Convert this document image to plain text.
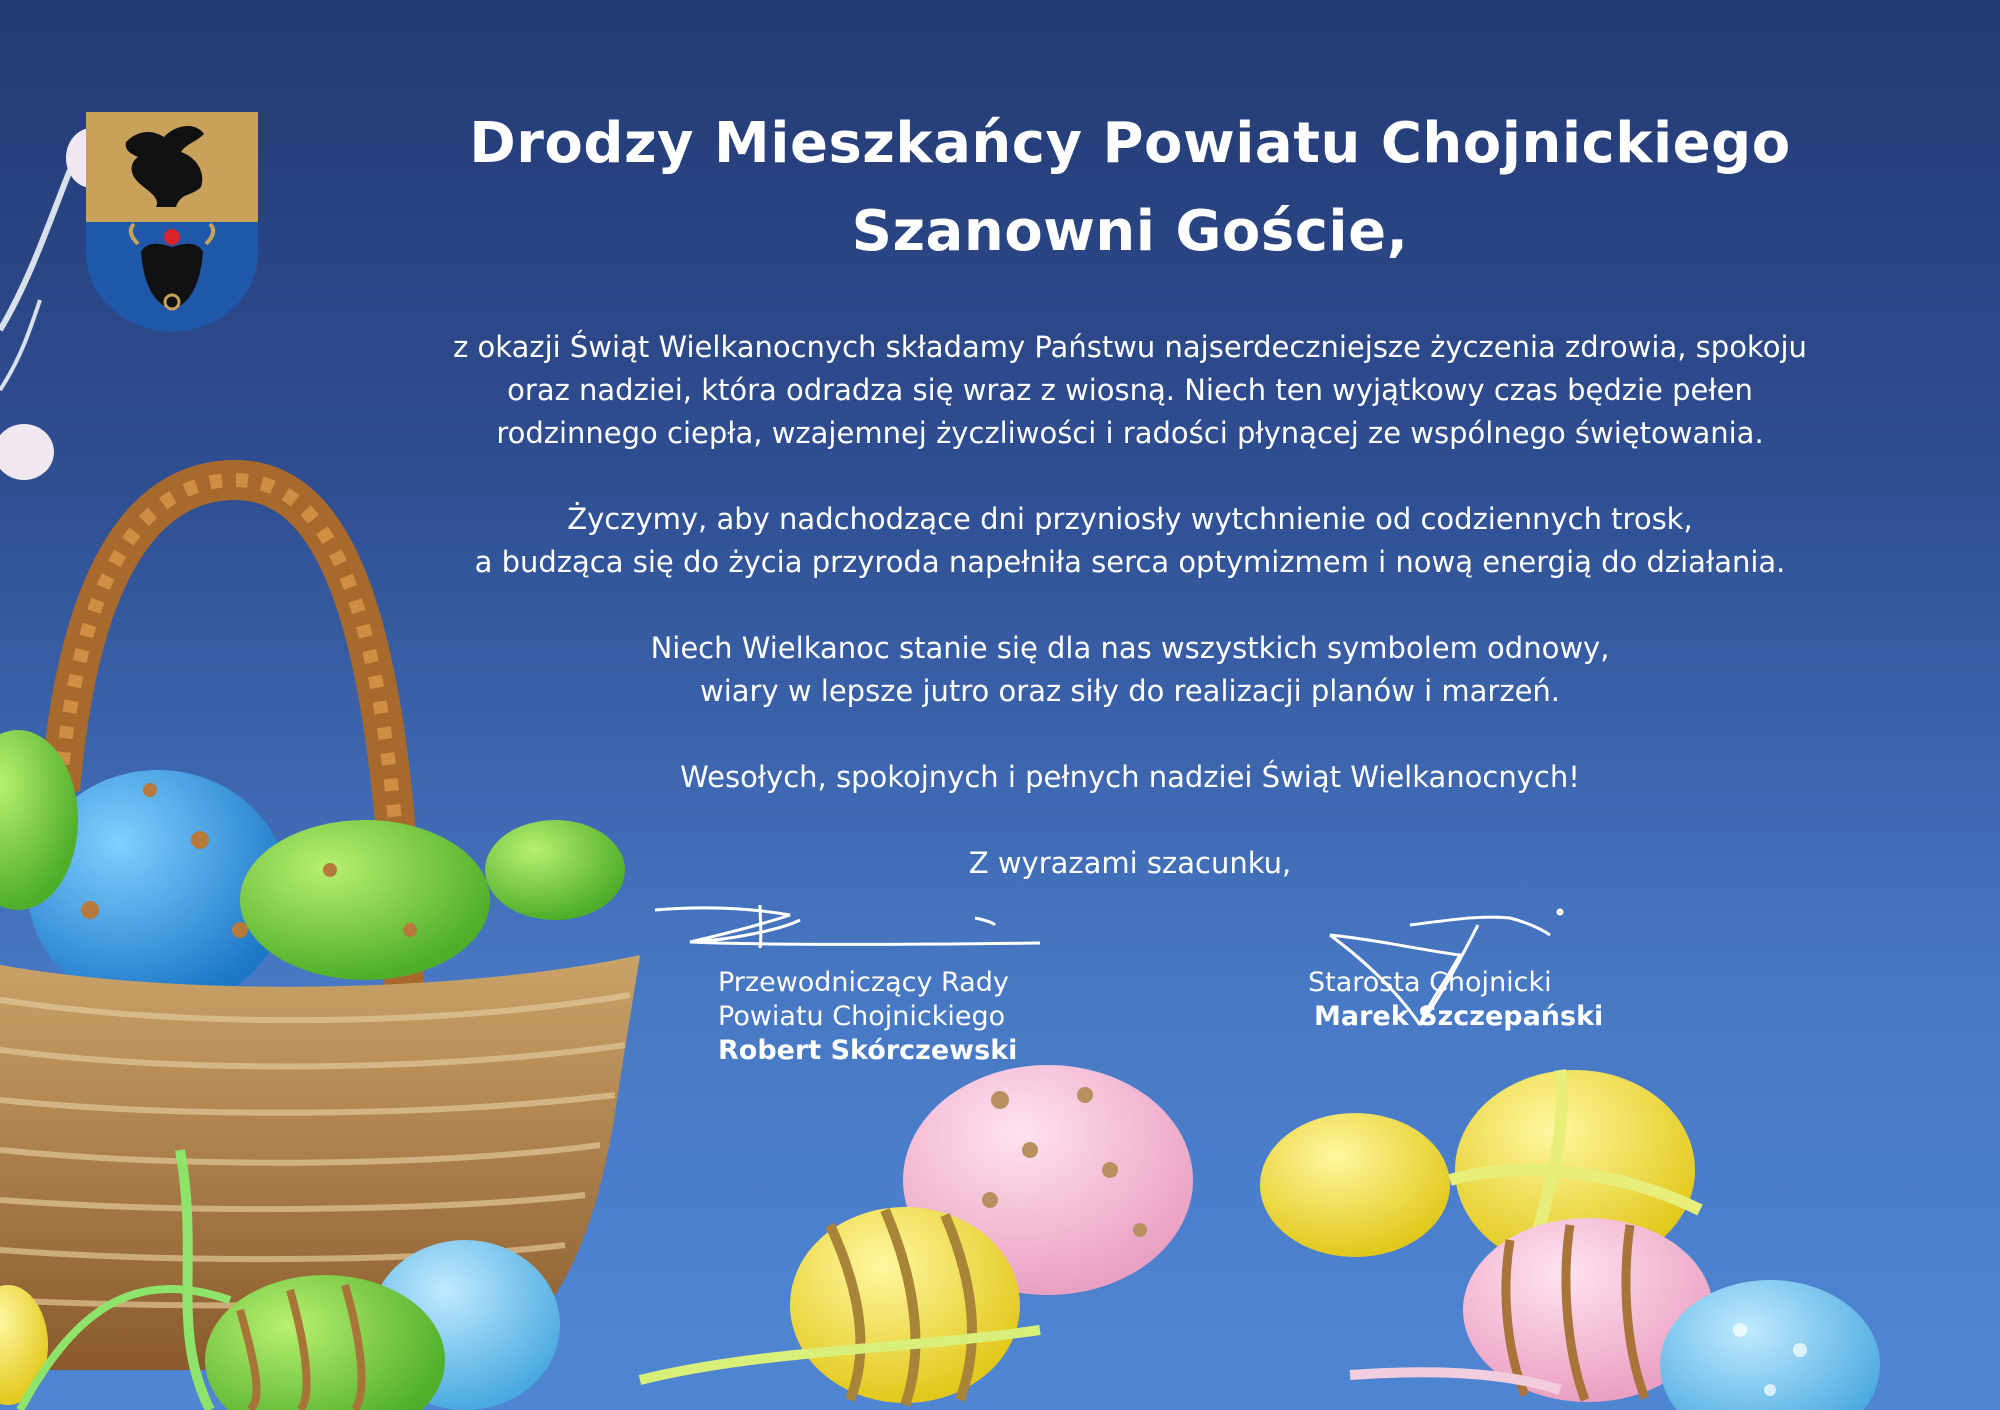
Drodzy Mieszkańcy Powiatu Chojnickiego

Szanowni Goście,

z okazji Świąt Wielkanocnych składamy Państwu najserdeczniejsze życzenia zdrowia, spokoju
oraz nadziei, która odradza się wraz z wiosną. Niech ten wyjątkowy czas będzie pełen
rodzinnego ciepła, wzajemnej życzliwości i radości płynącej ze wspólnego świętowania.
Życzymy, aby nadchodzące dni przyniosły wytchnienie od codziennych trosk,
a budząca się do życia przyroda napełniła serca optymizmem i nową energią do działania.
Niech Wielkanoc stanie się dla nas wszystkich symbolem odnowy,
wiary w lepsze jutro oraz siły do realizacji planów i marzeń.
Wesołych, spokojnych i pełnych nadziei Świąt Wielkanocnych!
Z wyrazami szacunku,
Przewodniczący Rady
Powiatu Chojnickiego
Robert Skórczewski
Starosta Chojnicki
Marek Szczepański
